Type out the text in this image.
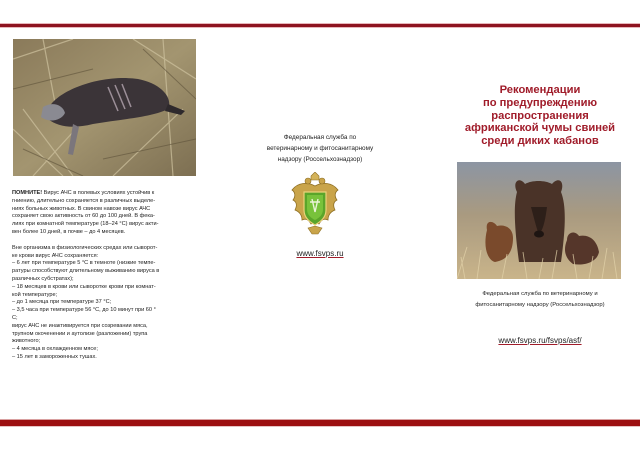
ПОМНИТЕ! Вирус АЧС в полевых условиях устойчив к
гниению, длительно сохраняется в различных выделе-
ниях больных животных. В свином навозе вирус АЧС
сохраняет свою активность от 60 до 100 дней. В фека-
лиях при комнатной температуре (18–24 °С) вирус акти-
вен более 10 дней, в почве – до 4 месяцев.

Вне организма в физиологических средах или сыворот-
ке крови вирус АЧС сохраняется:
– 6 лет при температуре 5 °С в темноте (низкие темпе-
ратуры способствуют длительному выживанию вируса в
различных субстратах);
– 18 месяцев в крови или сыворотке крови при комнат-
кой температуре;
– до 1 месяца при температуре 37 °С;
– 3,5 часа при температуре 56 °С, до 10 минут при 60 °
С;
вирус АЧС не инактивируется при созревании мяса,
трупном окоченении и аутолизе (разложении) трупа
животного;
– 4 месяца в охлажденном мясе;
– 15 лет в замороженных тушах.

Федеральная служба по

ветеринарному и фитосанитарному

надзору (Россельхознадзор)

www.fsvps.ru

Рекомендации

по предупреждению

распространения

африканской чумы свиней

среди диких кабанов

Федеральная служба по ветеринарному и

фитосанитарному надзору (Россельхознадзор)

www.fsvps.ru/fsvps/asf/
